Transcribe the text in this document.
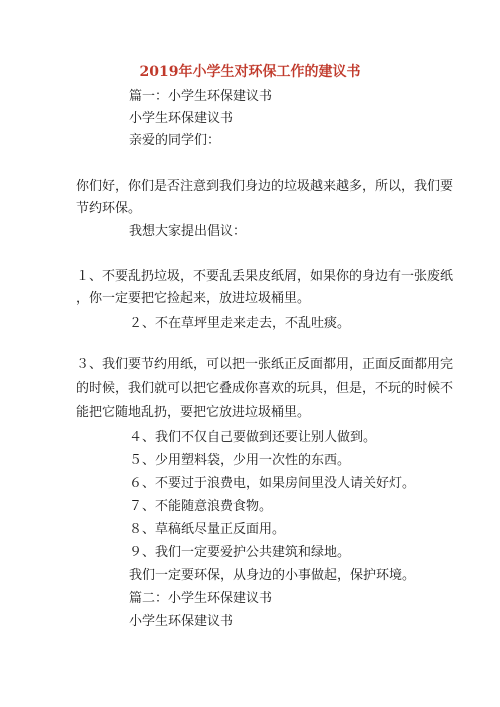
2019年小学生对环保工作的建议书
篇一：小学生环保建议书
小学生环保建议书
亲爱的同学们：
你们好，你们是否注意到我们身边的垃圾越来越多，所以，我们要
节约环保。
我想大家提出倡议：
１、不要乱扔垃圾，不要乱丢果皮纸屑，如果你的身边有一张废纸
，你一定要把它捡起来，放进垃圾桶里。
２、不在草坪里走来走去，不乱吐痰。
３、我们要节约用纸，可以把一张纸正反面都用，正面反面都用完
的时候，我们就可以把它叠成你喜欢的玩具，但是，不玩的时候不
能把它随地乱扔，要把它放进垃圾桶里。
４、我们不仅自己要做到还要让别人做到。
５、少用塑料袋，少用一次性的东西。
６、不要过于浪费电，如果房间里没人请关好灯。
７、不能随意浪费食物。
８、草稿纸尽量正反面用。
９、我们一定要爱护公共建筑和绿地。
我们一定要环保，从身边的小事做起，保护环境。
篇二：小学生环保建议书
小学生环保建议书
